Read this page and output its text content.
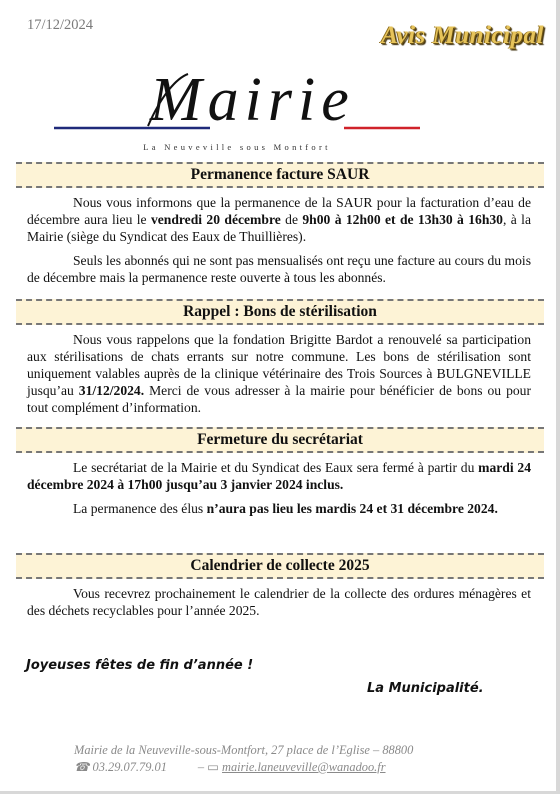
17/12/2024	Avis Municipal
Mairie
La Neuveville sous Montfort
Permanence facture SAUR

Nous vous informons que la permanence de la SAUR pour la facturation d’eau de décembre aura lieu le vendredi 20 décembre de 9h00 à 12h00 et de 13h30 à 16h30, à la Mairie (siège du Syndicat des Eaux de Thuillières).

Seuls les abonnés qui ne sont pas mensualisés ont reçu une facture au cours du mois de décembre mais la permanence reste ouverte à tous les abonnés.

Rappel : Bons de stérilisation

Nous vous rappelons que la fondation Brigitte Bardot a renouvelé sa participation aux stérilisations de chats errants sur notre commune. Les bons de stérilisation sont uniquement valables auprès de la clinique vétérinaire des Trois Sources à BULGNEVILLE jusqu’au 31/12/2024. Merci de vous adresser à la mairie pour bénéficier de bons ou pour tout complément d’information.

Fermeture du secrétariat

Le secrétariat de la Mairie et du Syndicat des Eaux sera fermé à partir du mardi 24 décembre 2024 à 17h00 jusqu’au 3 janvier 2024 inclus.

La permanence des élus n’aura pas lieu les mardis 24 et 31 décembre 2024.

Calendrier de collecte 2025

Vous recevrez prochainement le calendrier de la collecte des ordures ménagères et des déchets recyclables pour l’année 2025.

Joyeuses fêtes de fin d’année !
La Municipalité.
Mairie de la Neuveville-sous-Montfort, 27 place de l’Eglise – 88800
☎ 03.29.07.79.01 – ▭ mairie.laneuveville@wanadoo.fr
